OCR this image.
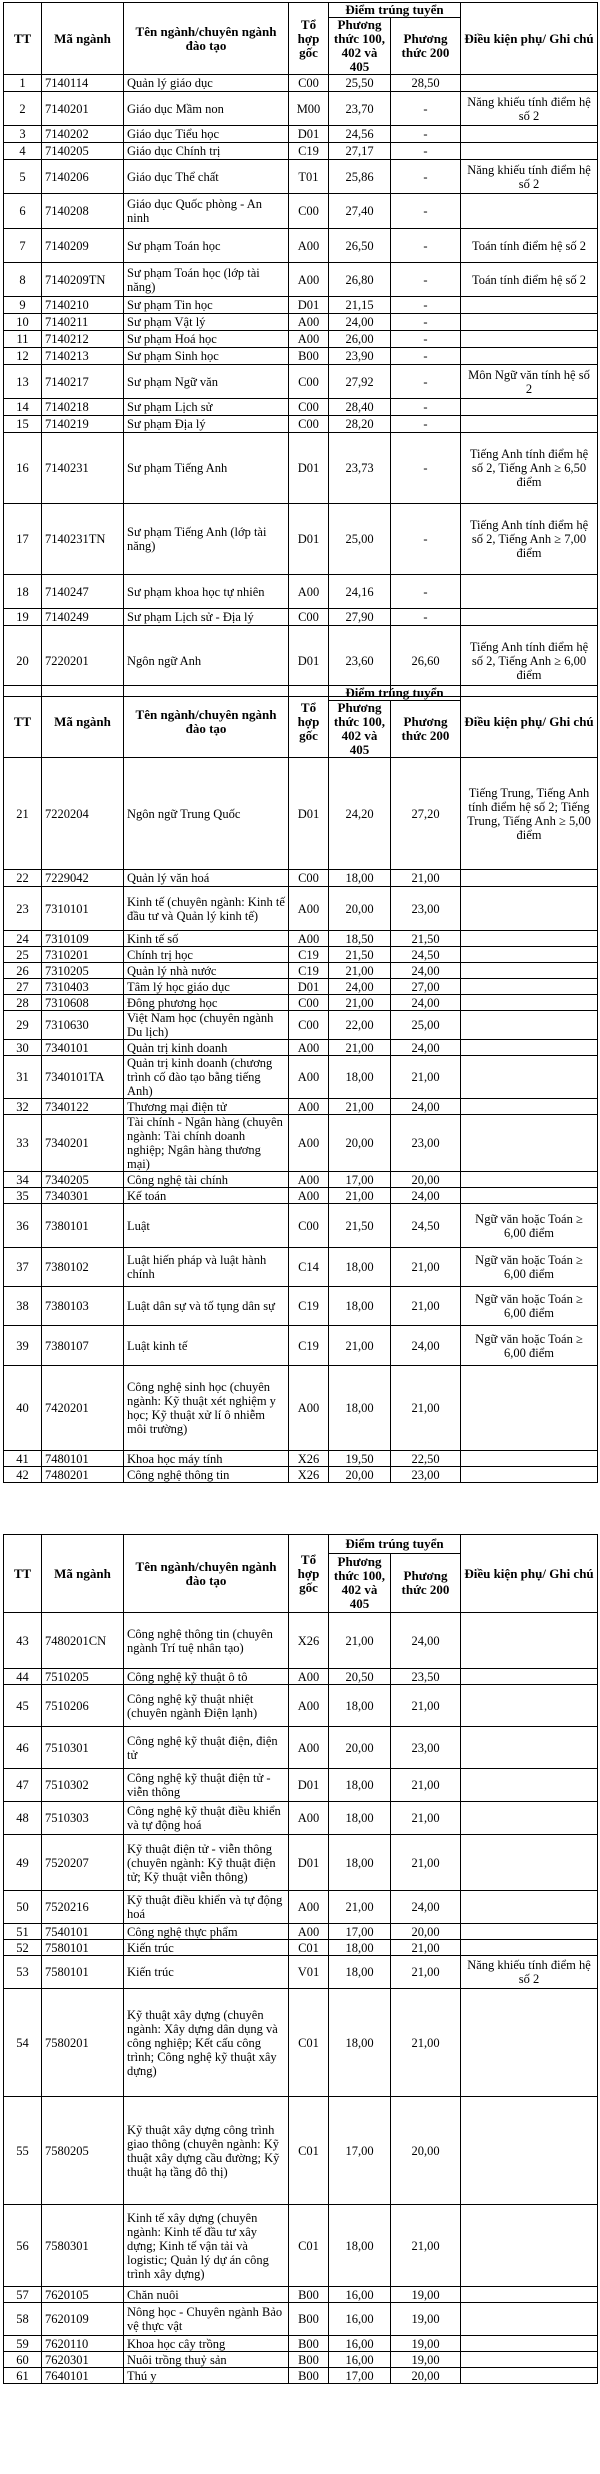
TT	Mã ngành	Tên ngành/chuyên ngành đào tạo	Tổ hợp gốc	Điểm trúng tuyển		Điều kiện phụ/ Ghi chú
				Phương thức 100, 402 và 405	Phương thức 200	
1	7140114	Quản lý giáo dục	C00	25,50	28,50	
2	7140201	Giáo dục Mầm non	M00	23,70	-	Năng khiếu tính điểm hệ số 2
3	7140202	Giáo dục Tiểu học	D01	24,56	-	
4	7140205	Giáo dục Chính trị	C19	27,17	-	
5	7140206	Giáo dục Thể chất	T01	25,86	-	Năng khiếu tính điểm hệ số 2
6	7140208	Giáo dục Quốc phòng - An ninh	C00	27,40	-	
7	7140209	Sư phạm Toán học	A00	26,50	-	Toán tính điểm hệ số 2
8	7140209TN	Sư phạm Toán học (lớp tài năng)	A00	26,80	-	Toán tính điểm hệ số 2
9	7140210	Sư phạm Tin học	D01	21,15	-	
10	7140211	Sư phạm Vật lý	A00	24,00	-	
11	7140212	Sư phạm Hoá học	A00	26,00	-	
12	7140213	Sư phạm Sinh học	B00	23,90	-	
13	7140217	Sư phạm Ngữ văn	C00	27,92	-	Môn Ngữ văn tính hệ số 2
14	7140218	Sư phạm Lịch sử	C00	28,40	-	
15	7140219	Sư phạm Địa lý	C00	28,20	-	
16	7140231	Sư phạm Tiếng Anh	D01	23,73	-	Tiếng Anh tính điểm hệ số 2, Tiếng Anh ≥ 6,50 điểm
17	7140231TN	Sư phạm Tiếng Anh (lớp tài năng)	D01	25,00	-	Tiếng Anh tính điểm hệ số 2, Tiếng Anh ≥ 7,00 điểm
18	7140247	Sư phạm khoa học tự nhiên	A00	24,16	-	
19	7140249	Sư phạm Lịch sử - Địa lý	C00	27,90	-	
20	7220201	Ngôn ngữ Anh	D01	23,60	26,60	Tiếng Anh tính điểm hệ số 2, Tiếng Anh ≥ 6,00 điểm
TT	Mã ngành	Tên ngành/chuyên ngành đào tạo	Tổ hợp gốc	Điểm trúng tuyển		Điều kiện phụ/ Ghi chú
				Phương thức 100, 402 và 405	Phương thức 200	
21	7220204	Ngôn ngữ Trung Quốc	D01	24,20	27,20	Tiếng Trung, Tiếng Anh tính điểm hệ số 2; Tiếng Trung, Tiếng Anh ≥ 5,00 điểm
22	7229042	Quản lý văn hoá	C00	18,00	21,00	
23	7310101	Kinh tế (chuyên ngành: Kinh tế đầu tư và Quản lý kinh tế)	A00	20,00	23,00	
24	7310109	Kinh tế số	A00	18,50	21,50	
25	7310201	Chính trị học	C19	21,50	24,50	
26	7310205	Quản lý nhà nước	C19	21,00	24,00	
27	7310403	Tâm lý học giáo dục	D01	24,00	27,00	
28	7310608	Đông phương học	C00	21,00	24,00	
29	7310630	Việt Nam học (chuyên ngành Du lịch)	C00	22,00	25,00	
30	7340101	Quản trị kinh doanh	A00	21,00	24,00	
31	7340101TA	Quản trị kinh doanh (chương trình cố đào tạo bằng tiếng Anh)	A00	18,00	21,00	
32	7340122	Thương mại điện tử	A00	21,00	24,00	
33	7340201	Tài chính - Ngân hàng (chuyên ngành: Tài chính doanh nghiệp; Ngân hàng thương mại)	A00	20,00	23,00	
34	7340205	Công nghệ tài chính	A00	17,00	20,00	
35	7340301	Kế toán	A00	21,00	24,00	
36	7380101	Luật	C00	21,50	24,50	Ngữ văn hoặc Toán ≥ 6,00 điểm
37	7380102	Luật hiến pháp và luật hành chính	C14	18,00	21,00	Ngữ văn hoặc Toán ≥ 6,00 điểm
38	7380103	Luật dân sự và tố tụng dân sự	C19	18,00	21,00	Ngữ văn hoặc Toán ≥ 6,00 điểm
39	7380107	Luật kinh tế	C19	21,00	24,00	Ngữ văn hoặc Toán ≥ 6,00 điểm
40	7420201	Công nghệ sinh học (chuyên ngành: Kỹ thuật xét nghiệm y học; Kỹ thuật xử lí ô nhiễm môi trường)	A00	18,00	21,00	
41	7480101	Khoa học máy tính	X26	19,50	22,50	
42	7480201	Công nghệ thông tin	X26	20,00	23,00	
TT	Mã ngành	Tên ngành/chuyên ngành đào tạo	Tổ hợp gốc	Điểm trúng tuyển		Điều kiện phụ/ Ghi chú
				Phương thức 100, 402 và 405	Phương thức 200	
43	7480201CN	Công nghệ thông tin (chuyên ngành Trí tuệ nhân tạo)	X26	21,00	24,00	
44	7510205	Công nghệ kỹ thuật ô tô	A00	20,50	23,50	
45	7510206	Công nghệ kỹ thuật nhiệt (chuyên ngành Điện lạnh)	A00	18,00	21,00	
46	7510301	Công nghệ kỹ thuật điện, điện tử	A00	20,00	23,00	
47	7510302	Công nghệ kỹ thuật điện tử - viễn thông	D01	18,00	21,00	
48	7510303	Công nghệ kỹ thuật điều khiển và tự động hoá	A00	18,00	21,00	
49	7520207	Kỹ thuật điện tử - viễn thông (chuyên ngành: Kỹ thuật điện tử; Kỹ thuật viễn thông)	D01	18,00	21,00	
50	7520216	Kỹ thuật điều khiển và tự động hoá	A00	21,00	24,00	
51	7540101	Công nghệ thực phẩm	A00	17,00	20,00	
52	7580101	Kiến trúc	C01	18,00	21,00	
53	7580101	Kiến trúc	V01	18,00	21,00	Năng khiếu tính điểm hệ số 2
54	7580201	Kỹ thuật xây dựng (chuyên ngành: Xây dựng dân dụng và công nghiệp; Kết cấu công trình; Công nghệ kỹ thuật xây dựng)	C01	18,00	21,00	
55	7580205	Kỹ thuật xây dựng công trình giao thông (chuyên ngành: Kỹ thuật xây dựng cầu đường; Kỹ thuật hạ tầng đô thị)	C01	17,00	20,00	
56	7580301	Kinh tế xây dựng (chuyên ngành: Kinh tế đầu tư xây dựng; Kinh tế vận tải và logistic; Quản lý dự án công trình xây dựng)	C01	18,00	21,00	
57	7620105	Chăn nuôi	B00	16,00	19,00	
58	7620109	Nông học - Chuyên ngành Bảo vệ thực vật	B00	16,00	19,00	
59	7620110	Khoa học cây trồng	B00	16,00	19,00	
60	7620301	Nuôi trồng thuỷ sản	B00	16,00	19,00	
61	7640101	Thú y	B00	17,00	20,00	
